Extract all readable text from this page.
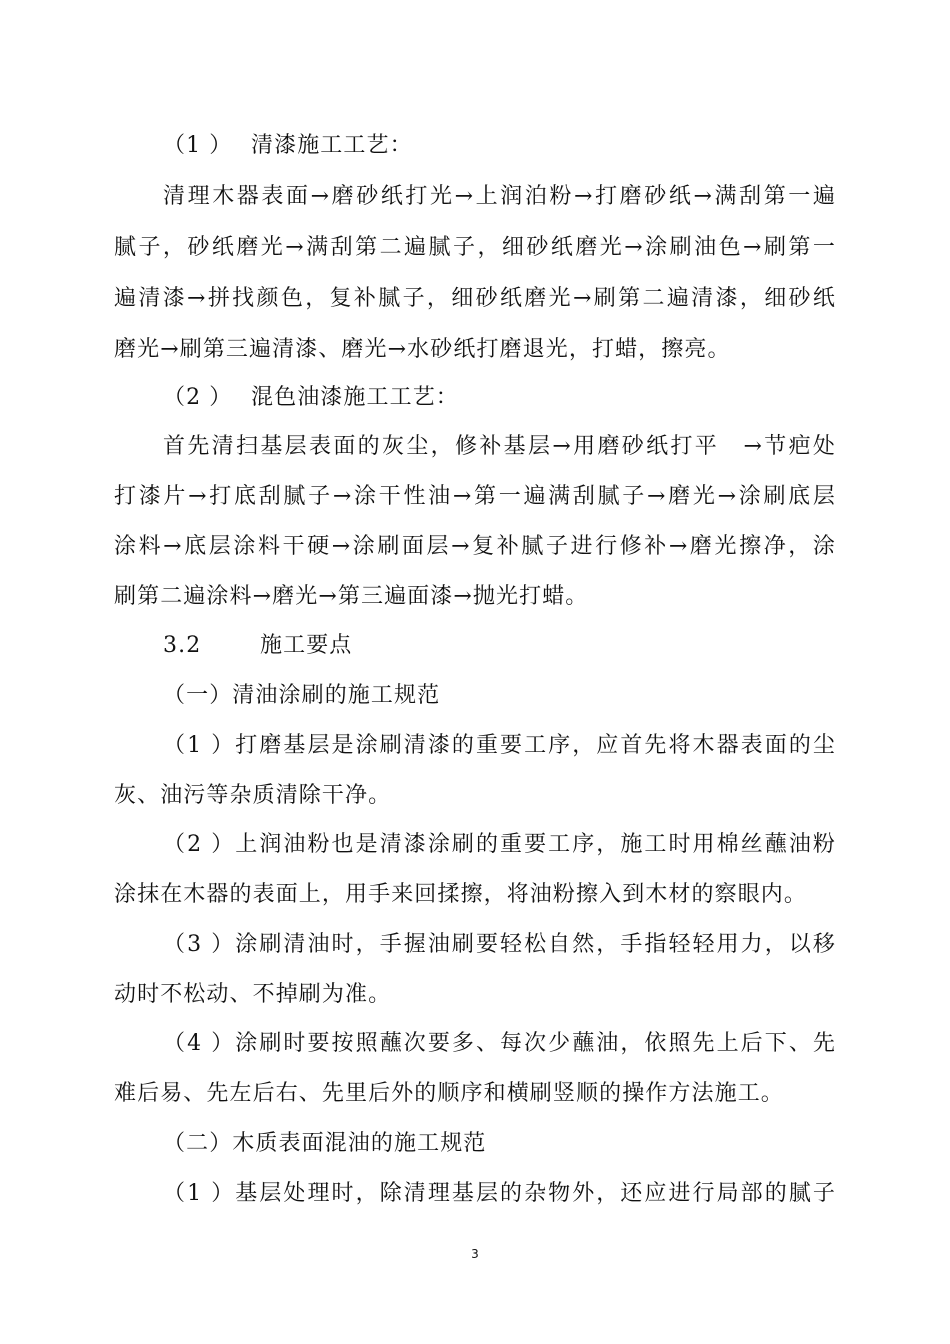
（1 ） 清漆施工工艺：
清理木器表面→磨砂纸打光→上润泊粉→打磨砂纸→满刮第一遍
腻子，砂纸磨光→满刮第二遍腻子，细砂纸磨光→涂刷油色→刷第一
遍清漆→拼找颜色，复补腻子，细砂纸磨光→刷第二遍清漆，细砂纸
磨光→刷第三遍清漆、磨光→水砂纸打磨退光，打蜡，擦亮。
（2 ） 混色油漆施工工艺：
首先清扫基层表面的灰尘，修补基层→用磨砂纸打平　→节疤处
打漆片→打底刮腻子→涂干性油→第一遍满刮腻子→磨光→涂刷底层
涂料→底层涂料干硬→涂刷面层→复补腻子进行修补→磨光擦净，涂
刷第二遍涂料→磨光→第三遍面漆→抛光打蜡。
3.2	施工要点
（一）清油涂刷的施工规范
（1 ）打磨基层是涂刷清漆的重要工序，应首先将木器表面的尘
灰、油污等杂质清除干净。
（2 ）上润油粉也是清漆涂刷的重要工序，施工时用棉丝蘸油粉
涂抹在木器的表面上，用手来回揉擦，将油粉擦入到木材的察眼内。
（3 ）涂刷清油时，手握油刷要轻松自然，手指轻轻用力，以移
动时不松动、不掉刷为准。
（4 ）涂刷时要按照蘸次要多、每次少蘸油，依照先上后下、先
难后易、先左后右、先里后外的顺序和横刷竖顺的操作方法施工。
（二）木质表面混油的施工规范
（1 ）基层处理时，除清理基层的杂物外，还应进行局部的腻子
3
